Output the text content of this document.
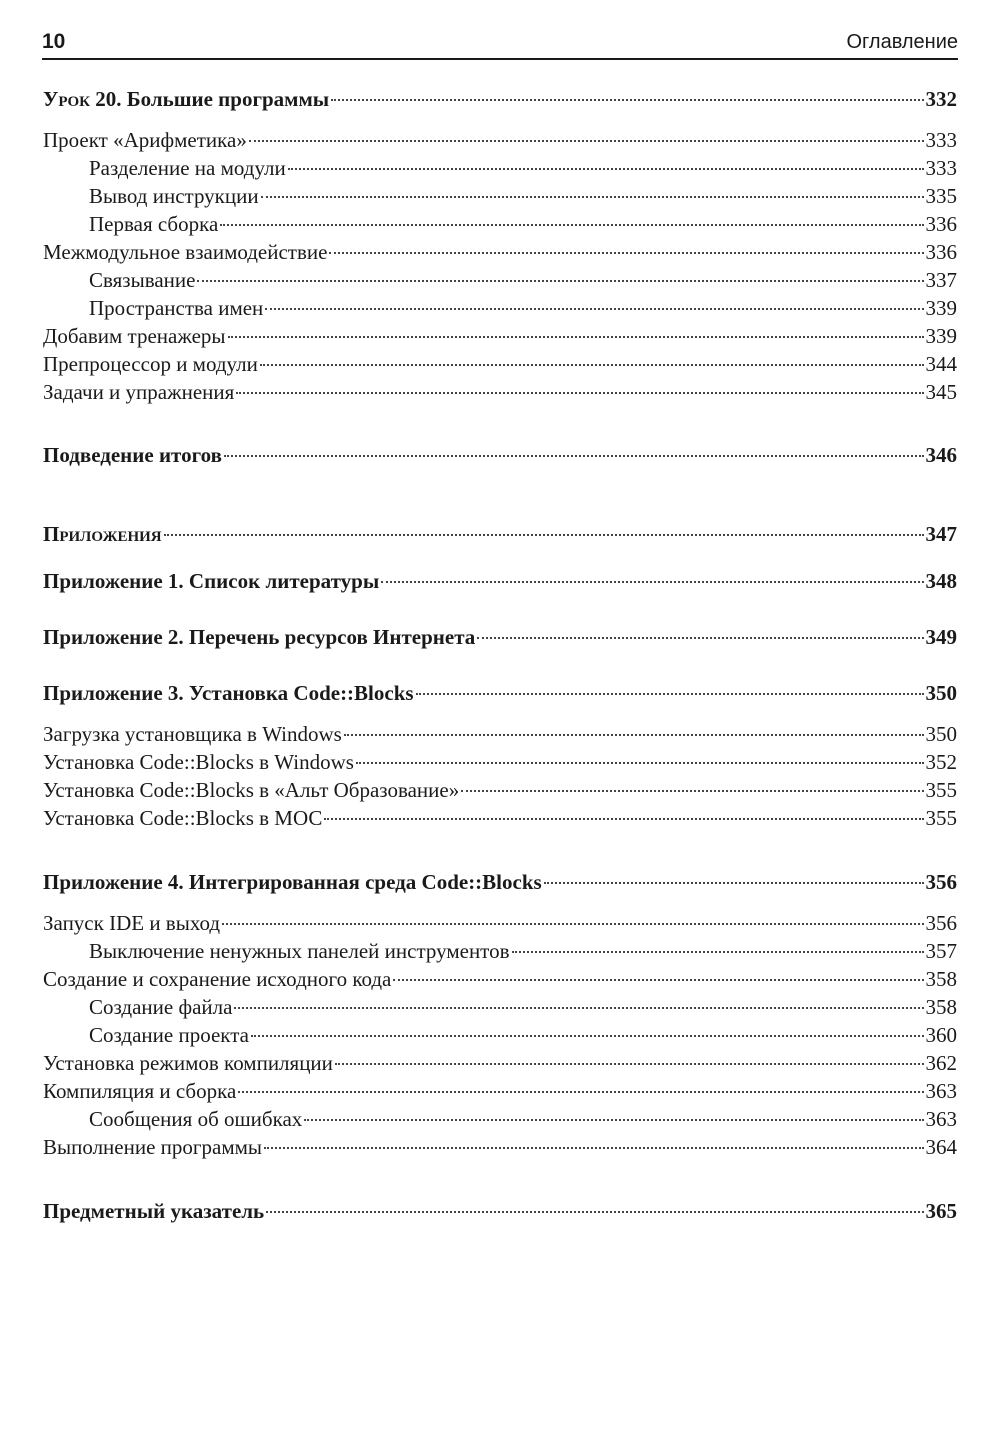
10	Оглавление
Урок 20. Большие программы	332
Проект «Арифметика»	333
Разделение на модули	333
Вывод инструкции	335
Первая сборка	336
Межмодульное взаимодействие	336
Связывание	337
Пространства имен	339
Добавим тренажеры	339
Препроцессор и модули	344
Задачи и упражнения	345
Подведение итогов	346
Приложения	347
Приложение 1. Список литературы	348
Приложение 2. Перечень ресурсов Интернета	349
Приложение 3. Установка Code::Blocks	350
Загрузка установщика в Windows	350
Установка Code::Blocks в Windows	352
Установка Code::Blocks в «Альт Образование»	355
Установка Code::Blocks в МОС	355
Приложение 4. Интегрированная среда Code::Blocks	356
Запуск IDE и выход	356
Выключение ненужных панелей инструментов	357
Создание и сохранение исходного кода	358
Создание файла	358
Создание проекта	360
Установка режимов компиляции	362
Компиляция и сборка	363
Сообщения об ошибках	363
Выполнение программы	364
Предметный указатель	365
